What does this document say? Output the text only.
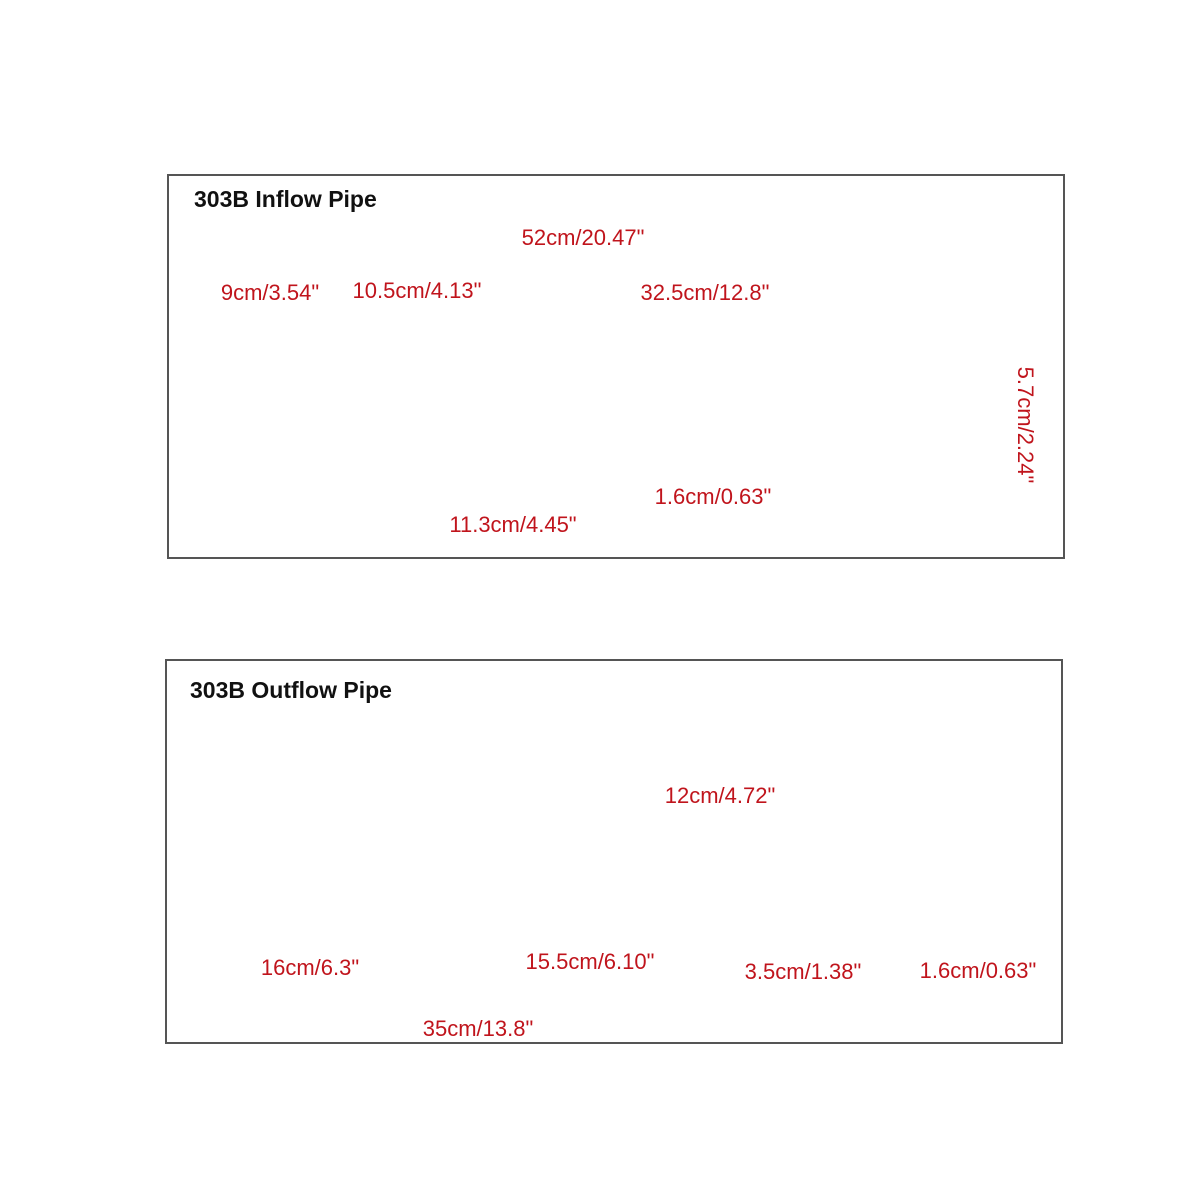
303B Inflow Pipe
303B Outflow Pipe
52cm/20.47"
9cm/3.54" 10.5cm/4.13"	32.5cm/12.8"
5.7cm/2.24"
1.6cm/0.63"
11.3cm/4.45"
12cm/4.72"
16cm/6.3"	15.5cm/6.10"	3.5cm/1.38"	1.6cm/0.63"
35cm/13.8"
